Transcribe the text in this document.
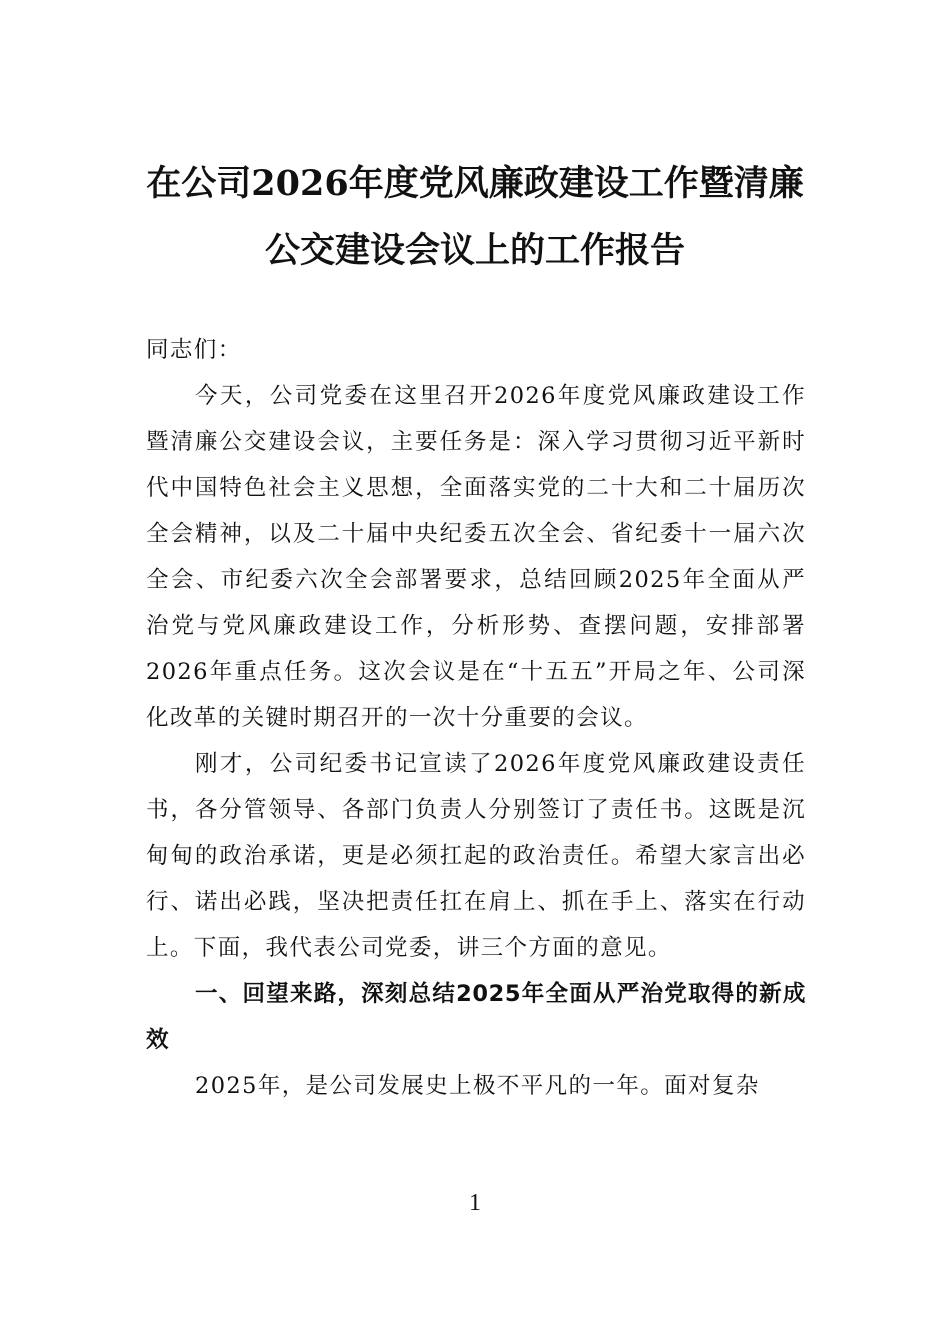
在公司2026年度党风廉政建设工作暨清廉
公交建设会议上的工作报告

同志们：

今天，公司党委在这里召开2026年度党风廉政建设工作暨清廉公交建设会议，主要任务是：深入学习贯彻习近平新时代中国特色社会主义思想，全面落实党的二十大和二十届历次全会精神，以及二十届中央纪委五次全会、省纪委十一届六次全会、市纪委六次全会部署要求，总结回顾2025年全面从严治党与党风廉政建设工作，分析形势、查摆问题，安排部署2026年重点任务。这次会议是在“十五五”开局之年、公司深化改革的关键时期召开的一次十分重要的会议。

刚才，公司纪委书记宣读了2026年度党风廉政建设责任书，各分管领导、各部门负责人分别签订了责任书。这既是沉甸甸的政治承诺，更是必须扛起的政治责任。希望大家言出必行、诺出必践，坚决把责任扛在肩上、抓在手上、落实在行动上。下面，我代表公司党委，讲三个方面的意见。

一、回望来路，深刻总结2025年全面从严治党取得的新成效

2025年，是公司发展史上极不平凡的一年。面对复杂

1
